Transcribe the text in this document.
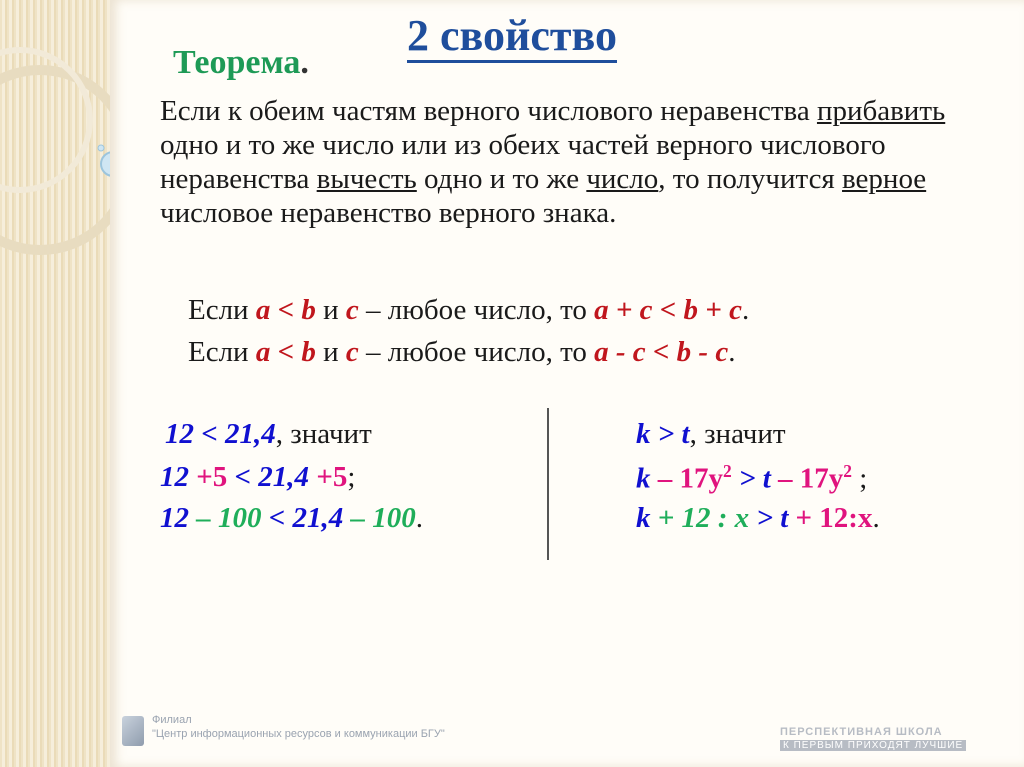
2 свойство
Теорема.
Если к обеим частям верного числового неравенства прибавить одно и то же число или из обеих частей верного числового неравенства вычесть одно и то же число, то получится верное числовое неравенство верного знака.
Если a < b и c – любое число, то a + c < b + c.
Если a < b и c – любое число, то a - c < b - c.
12 < 21,4, значит
12 +5 < 21,4 +5;
12 – 100 < 21,4 – 100.
k > t, значит
$k - 17y^2 > t - 17y^2$ ;
k + 12 : x > t + 12:x.
Филиал
"Центр информационных ресурсов и коммуникации БГУ"	ПЕРСПЕКТИВНАЯ ШКОЛА
К ПЕРВЫМ ПРИХОДЯТ ЛУЧШИЕ
